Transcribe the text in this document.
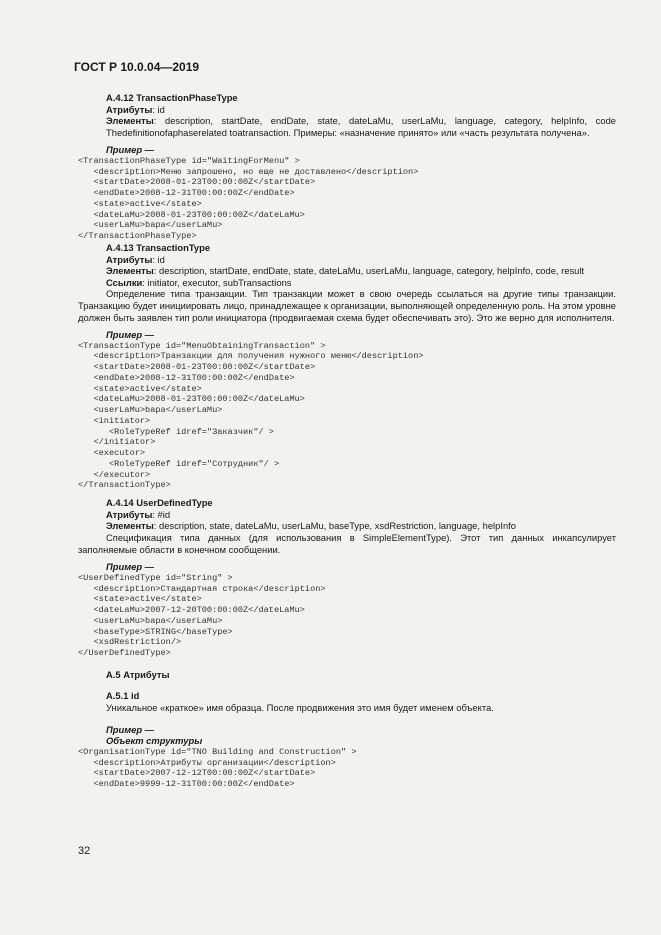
ГОСТ Р 10.0.04—2019
A.4.12 TransactionPhaseType
Атрибуты: id
Элементы: description, startDate, endDate, state, dateLaMu, userLaMu, language, category, helpInfo, code Thedefinitionofaphaserelated toatransaction. Примеры: «назначение принято» или «часть результата получена».
Пример —
<TransactionPhaseType id="WaitingForMenu" >
<description>Меню запрошено, но еще не доставлено</description>
<startDate>2008-01-23T00:00:00Z</startDate>
<endDate>2008-12-31T00:00:00Z</endDate>
<state>active</state>
<dateLaMu>2008-01-23T00:00:00Z</dateLaMu>
<userLaMu>bapa</userLaMu>
</TransactionPhaseType>
A.4.13 TransactionType
Атрибуты: id
Элементы: description, startDate, endDate, state, dateLaMu, userLaMu, language, category, helpInfo, code, result
Ссылки: initiator, executor, subTransactions
Определение типа транзакции. Тип транзакции может в свою очередь ссылаться на другие типы транзакции. Транзакцию будет инициировать лицо, принадлежащее к организации, выполняющей определенную роль. На этом уровне должен быть заявлен тип роли инициатора (продвигаемая схема будет обеспечивать это). Это же верно для исполнителя.
Пример —
<TransactionType id="MenuObtainingTransaction" >
<description>Транзакции для получения нужного меню</description>
<startDate>2008-01-23T00:00:00Z</startDate>
<endDate>2008-12-31T00:00:00Z</endDate>
<state>active</state>
<dateLaMu>2008-01-23T00:00:00Z</dateLaMu>
<userLaMu>bapa</userLaMu>
<initiator>
<RoleTypeRef idref="Заказчик"/ >
</initiator>
<executor>
<RoleTypeRef idref="Сотрудник"/ >
</executor>
</TransactionType>
A.4.14 UserDefinedType
Атрибуты: #id
Элементы: description, state, dateLaMu, userLaMu, baseType, xsdRestriction, language, helpInfo
Спецификация типа данных (для использования в SimpleElementType). Этот тип данных инкапсулирует заполняемые области в конечном сообщении.
Пример —
<UserDefinedType id="String" >
<description>Стандартная строка</description>
<state>active</state>
<dateLaMu>2007-12-20T00:00:00Z</dateLaMu>
<userLaMu>bapa</userLaMu>
<baseType>STRING</baseType>
<xsdRestriction/>
</UserDefinedType>
A.5 Атрибуты
A.5.1 id
Уникальное «краткое» имя образца. После продвижения это имя будет именем объекта.
Пример —
Объект структуры
<OrganisationType id="TNO Building and Construction" >
<description>Атрибуты организации</description>
<startDate>2007-12-12T00:00:00Z</startDate>
<endDate>9999-12-31T00:00:00Z</endDate>
32
